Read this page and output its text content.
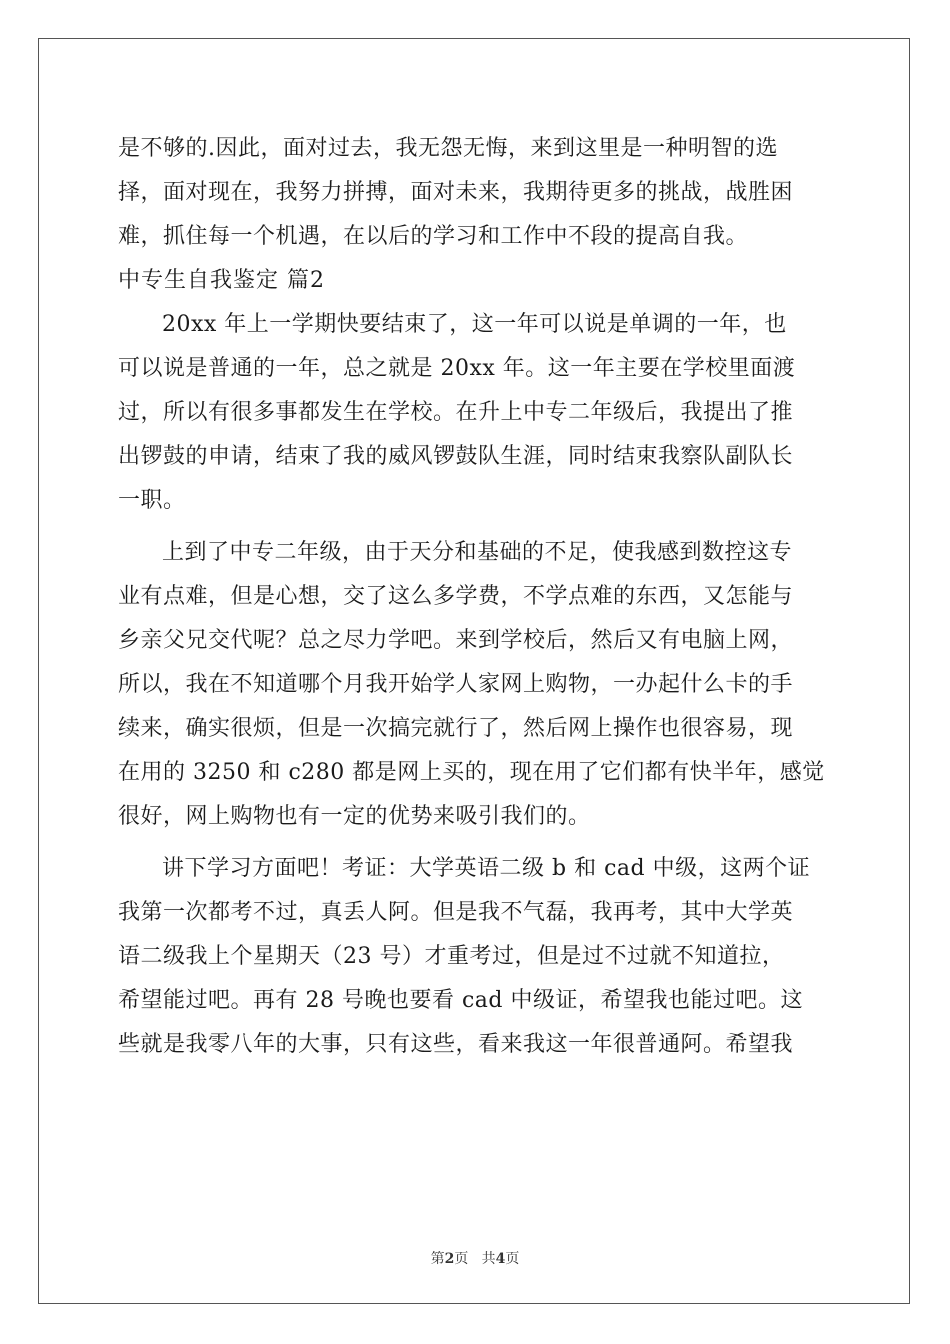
是不够的.因此，面对过去，我无怨无悔，来到这里是一种明智的选
择，面对现在，我努力拼搏，面对未来，我期待更多的挑战，战胜困
难，抓住每一个机遇，在以后的学习和工作中不段的提高自我。
中专生自我鉴定 篇2
20xx 年上一学期快要结束了，这一年可以说是单调的一年，也
可以说是普通的一年，总之就是 20xx 年。这一年主要在学校里面渡
过，所以有很多事都发生在学校。在升上中专二年级后，我提出了推
出锣鼓的申请，结束了我的威风锣鼓队生涯，同时结束我察队副队长
一职。
上到了中专二年级，由于天分和基础的不足，使我感到数控这专
业有点难，但是心想，交了这么多学费，不学点难的东西，又怎能与
乡亲父兄交代呢？总之尽力学吧。来到学校后，然后又有电脑上网，
所以，我在不知道哪个月我开始学人家网上购物，一办起什么卡的手
续来，确实很烦，但是一次搞完就行了，然后网上操作也很容易，现
在用的 3250 和 c280 都是网上买的，现在用了它们都有快半年，感觉
很好，网上购物也有一定的优势来吸引我们的。
讲下学习方面吧！考证：大学英语二级 b 和 cad 中级，这两个证
我第一次都考不过，真丢人阿。但是我不气磊，我再考，其中大学英
语二级我上个星期天（23 号）才重考过，但是过不过就不知道拉，
希望能过吧。再有 28 号晚也要看 cad 中级证，希望我也能过吧。这
些就是我零八年的大事，只有这些，看来我这一年很普通阿。希望我
第2页 共4页
